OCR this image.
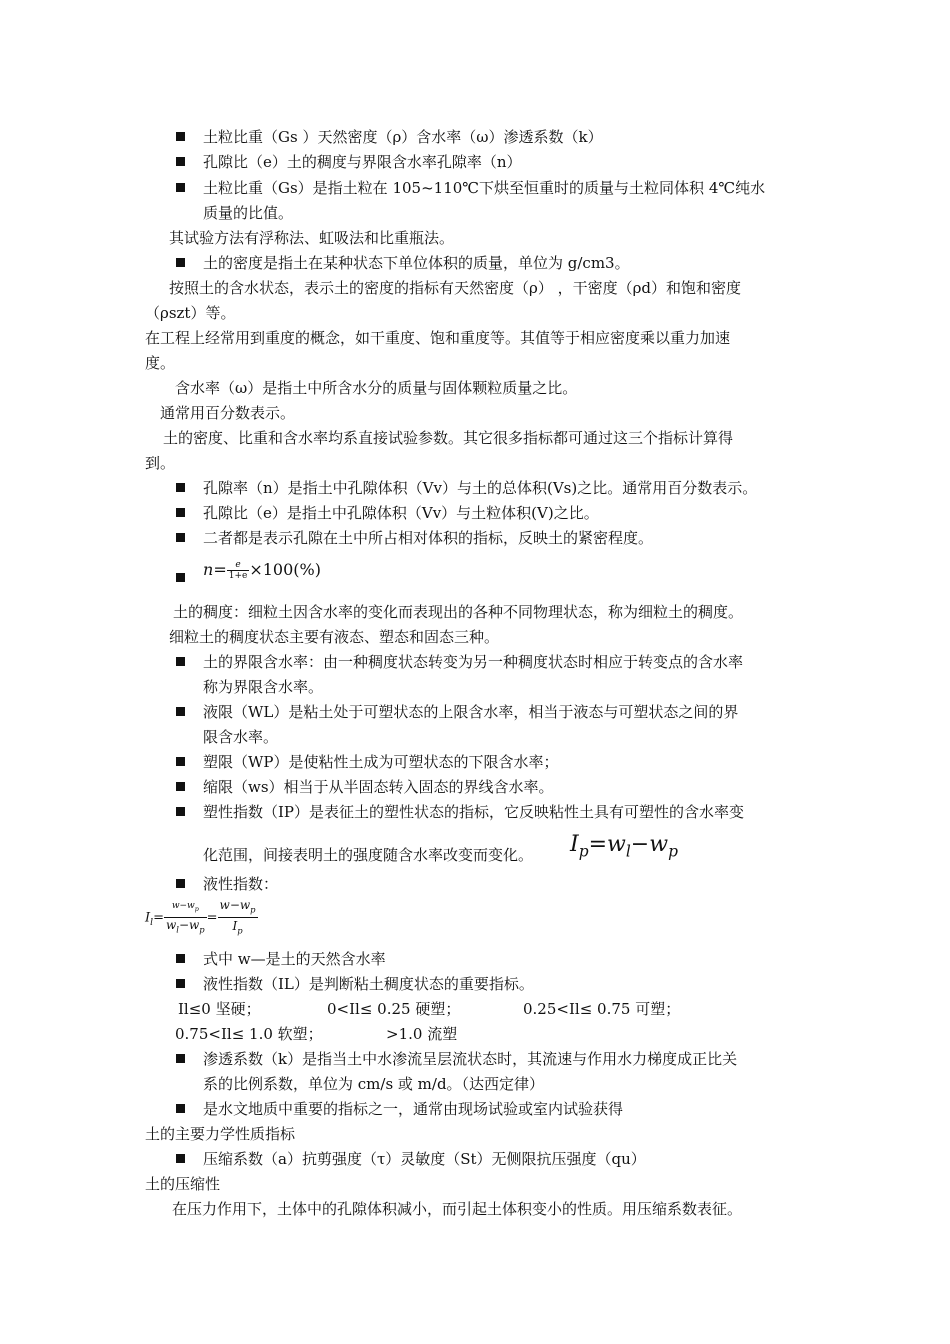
土粒比重（Gs ）天然密度（ρ）含水率（ω）渗透系数（k）
孔隙比（e）土的稠度与界限含水率孔隙率（n）
土粒比重（Gs）是指土粒在 105~110℃下烘至恒重时的质量与土粒同体积 4℃纯水
质量的比值。
其试验方法有浮称法、虹吸法和比重瓶法。
土的密度是指土在某种状态下单位体积的质量，单位为 g/cm3。
按照土的含水状态，表示土的密度的指标有天然密度（ρ） ，干密度（ρd）和饱和密度
（ρszt）等。
在工程上经常用到重度的概念，如干重度、饱和重度等。其值等于相应密度乘以重力加速
度。
含水率（ω）是指土中所含水分的质量与固体颗粒质量之比。
通常用百分数表示。
土的密度、比重和含水率均系直接试验参数。其它很多指标都可通过这三个指标计算得
到。
孔隙率（n）是指土中孔隙体积（Vv）与土的总体积(Vs)之比。通常用百分数表示。
孔隙比（e）是指土中孔隙体积（Vv）与土粒体积(V)之比。
二者都是表示孔隙在土中所占相对体积的指标，反映土的紧密程度。
$n= \frac{e}{1+e} \times 100(\%)$
土的稠度：细粒土因含水率的变化而表现出的各种不同物理状态，称为细粒土的稠度。
细粒土的稠度状态主要有液态、塑态和固态三种。
土的界限含水率：由一种稠度状态转变为另一种稠度状态时相应于转变点的含水率
称为界限含水率。
液限（WL）是粘土处于可塑状态的上限含水率，相当于液态与可塑状态之间的界
限含水率。
塑限（WP）是使粘性土成为可塑状态的下限含水率；
缩限（ws）相当于从半固态转入固态的界线含水率。
塑性指数（IP）是表征土的塑性状态的指标，它反映粘性土具有可塑性的含水率变
化范围，间接表明土的强度随含水率改变而变化。 $I_p=w_l-w_p$
液性指数：
$I_l= \frac{w-w_p}{w_l-w_p} = \frac{w-w_p}{I_p}$
式中 w—是土的天然含水率
液性指数（IL）是判断粘土稠度状态的重要指标。
Il≤0 坚硬；	0<Il≤ 0.25 硬塑；	0.25<Il≤ 0.75 可塑；
0.75<Il≤ 1.0 软塑；	>1.0 流塑
渗透系数（k）是指当土中水渗流呈层流状态时，其流速与作用水力梯度成正比关
系的比例系数，单位为 cm/s 或 m/d。（达西定律）
是水文地质中重要的指标之一，通常由现场试验或室内试验获得
土的主要力学性质指标
压缩系数（a）抗剪强度（τ）灵敏度（St）无侧限抗压强度（qu）
土的压缩性
在压力作用下，土体中的孔隙体积减小，而引起土体积变小的性质。用压缩系数表征。
